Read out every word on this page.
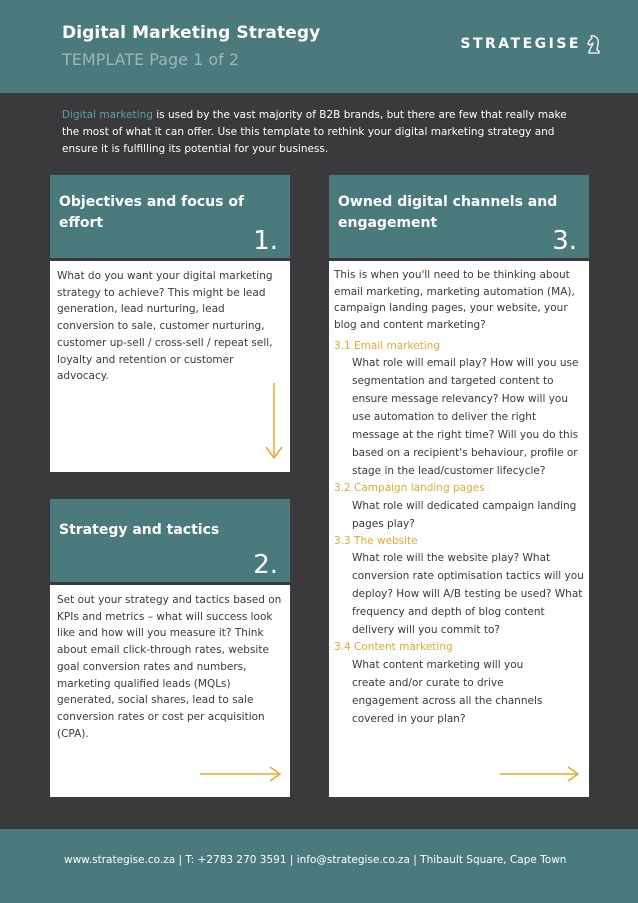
Digital Marketing Strategy
TEMPLATE Page 1 of 2
STRATEGISE
Digital marketing is used by the vast majority of B2B brands, but there are few that really make the most of what it can offer. Use this template to rethink your digital marketing strategy and ensure it is fulfilling its potential for your business.
Objectives and focus of effort
1.
What do you want your digital marketing strategy to achieve? This might be lead generation, lead nurturing, lead conversion to sale, customer nurturing, customer up-sell / cross-sell / repeat sell, loyalty and retention or customer advocacy.
Strategy and tactics
2.
Set out your strategy and tactics based on KPIs and metrics – what will success look like and how will you measure it? Think about email click-through rates, website goal conversion rates and numbers, marketing qualified leads (MQLs) generated, social shares, lead to sale conversion rates or cost per acquisition (CPA).
Owned digital channels and engagement
3.
This is when you'll need to be thinking about email marketing, marketing automation (MA), campaign landing pages, your website, your blog and content marketing?
3.1 Email marketing
What role will email play? How will you use segmentation and targeted content to ensure message relevancy? How will you use automation to deliver the right message at the right time? Will you do this based on a recipient's behaviour, profile or stage in the lead/customer lifecycle?
3.2 Campaign landing pages
What role will dedicated campaign landing pages play?
3.3 The website
What role will the website play? What conversion rate optimisation tactics will you deploy? How will A/B testing be used? What frequency and depth of blog content delivery will you commit to?
3.4 Content marketing
What content marketing will you create and/or curate to drive engagement across all the channels covered in your plan?
www.strategise.co.za | T: +2783 270 3591 | info@strategise.co.za | Thibault Square, Cape Town
